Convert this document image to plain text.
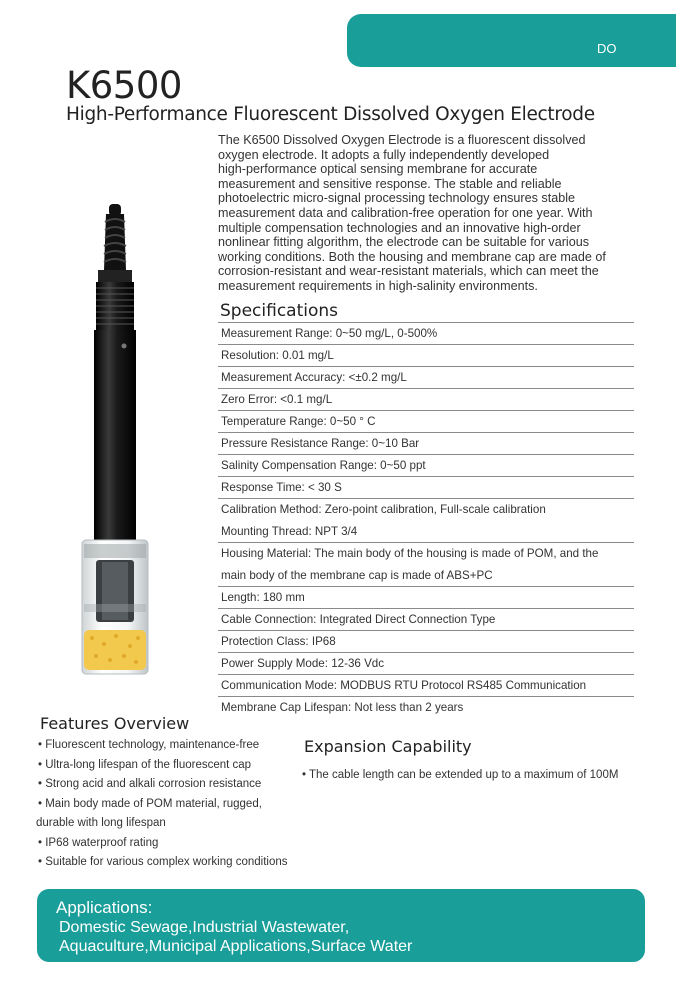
DO
K6500
High-Performance Fluorescent Dissolved Oxygen Electrode

The K6500 Dissolved Oxygen Electrode is a fluorescent dissolved

oxygen electrode. It adopts a fully independently developed

high-performance optical sensing membrane for accurate

measurement and sensitive response. The stable and reliable

photoelectric micro-signal processing technology ensures stable

measurement data and calibration-free operation for one year. With

multiple compensation technologies and an innovative high-order

nonlinear fitting algorithm, the electrode can be suitable for various

working conditions. Both the housing and membrane cap are made of

corrosion-resistant and wear-resistant materials, which can meet the

measurement requirements in high-salinity environments.

Specifications
Measurement Range: 0~50 mg/L, 0-500%
Resolution: 0.01 mg/L
Measurement Accuracy: <±0.2 mg/L
Zero Error: <0.1 mg/L
Temperature Range: 0~50 ° C
Pressure Resistance Range: 0~10 Bar
Salinity Compensation Range: 0~50 ppt
Response Time: < 30 S
Calibration Method: Zero-point calibration, Full-scale calibration
Mounting Thread: NPT 3/4
Housing Material: The main body of the housing is made of POM, and the
main body of the membrane cap is made of ABS+PC
Length: 180 mm
Cable Connection: Integrated Direct Connection Type
Protection Class: IP68
Power Supply Mode: 12-36 Vdc
Communication Mode: MODBUS RTU Protocol RS485 Communication
Membrane Cap Lifespan: Not less than 2 years
Features Overview
• Fluorescent technology, maintenance-free
• Ultra-long lifespan of the fluorescent cap
• Strong acid and alkali corrosion resistance
• Main body made of POM material, rugged,
durable with long lifespan
• IP68 waterproof rating
• Suitable for various complex working conditions
Expansion Capability
• The cable length can be extended up to a maximum of 100M
Applications:
Domestic Sewage,Industrial Wastewater,
Aquaculture,Municipal Applications,Surface Water
